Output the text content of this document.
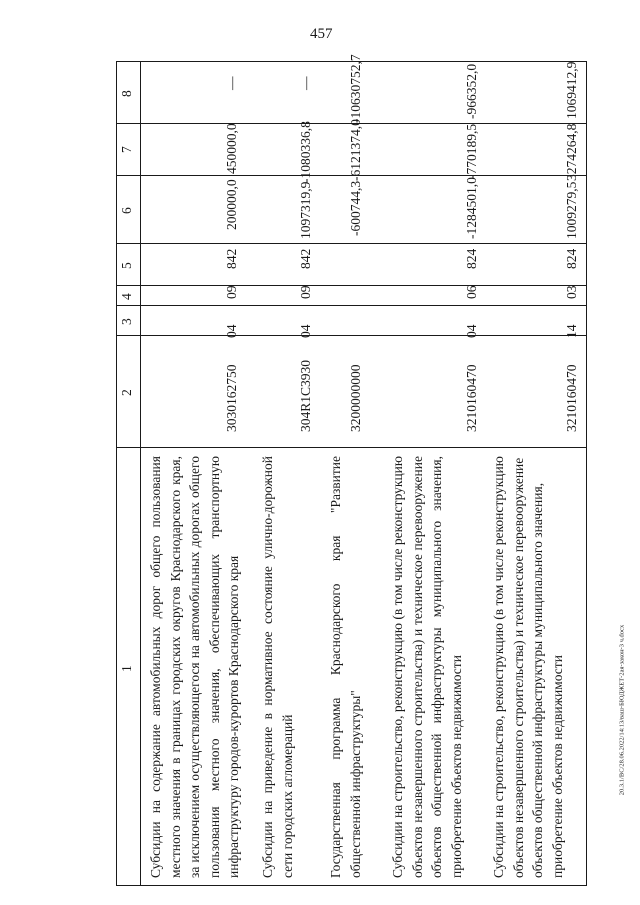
457
20.3.1/ВС/28.06.2022/14:13/ваш-БЮДЖЕТ-2ая-закон-3 ч.docx
1
2
3
4
5
6
7
8
Субсидии на содержание автомобильных дорог общего пользования местного значения в границах городских округов Краснодарского края, за исключением осуществляющегося на автомобильных дорогах общего пользования местного значения, обеспечивающих транспортную инфраструктуру городов-курортов Краснодарского края
3030162750
04
09
842
200000,0
450000,0
—
Субсидии на приведение в нормативное состояние улично-дорожной сети городских агломераций
304R1С3930
04
09
842
1097319,9
-1080336,8
—
Государственная программа Краснодарского края "Развитие общественной инфраструктуры"
3200000000
-600744,3
-6121374,0
-10630752,7
Субсидии на строительство, реконструкцию (в том числе реконструкцию объектов незавершенного строительства) и техническое перевооружение объектов общественной инфраструктуры муниципального значения, приобретение объектов недвижимости
3210160470
04
06
824
-1284501,0
-770189,5
-966352,0
Субсидии на строительство, реконструкцию (в том числе реконструкцию объектов незавершенного строительства) и техническое перевооружение объектов общественной инфраструктуры муниципального значения, приобретение объектов недвижимости
3210160470
14
03
824
1009279,5
3274264,8
1069412,9
